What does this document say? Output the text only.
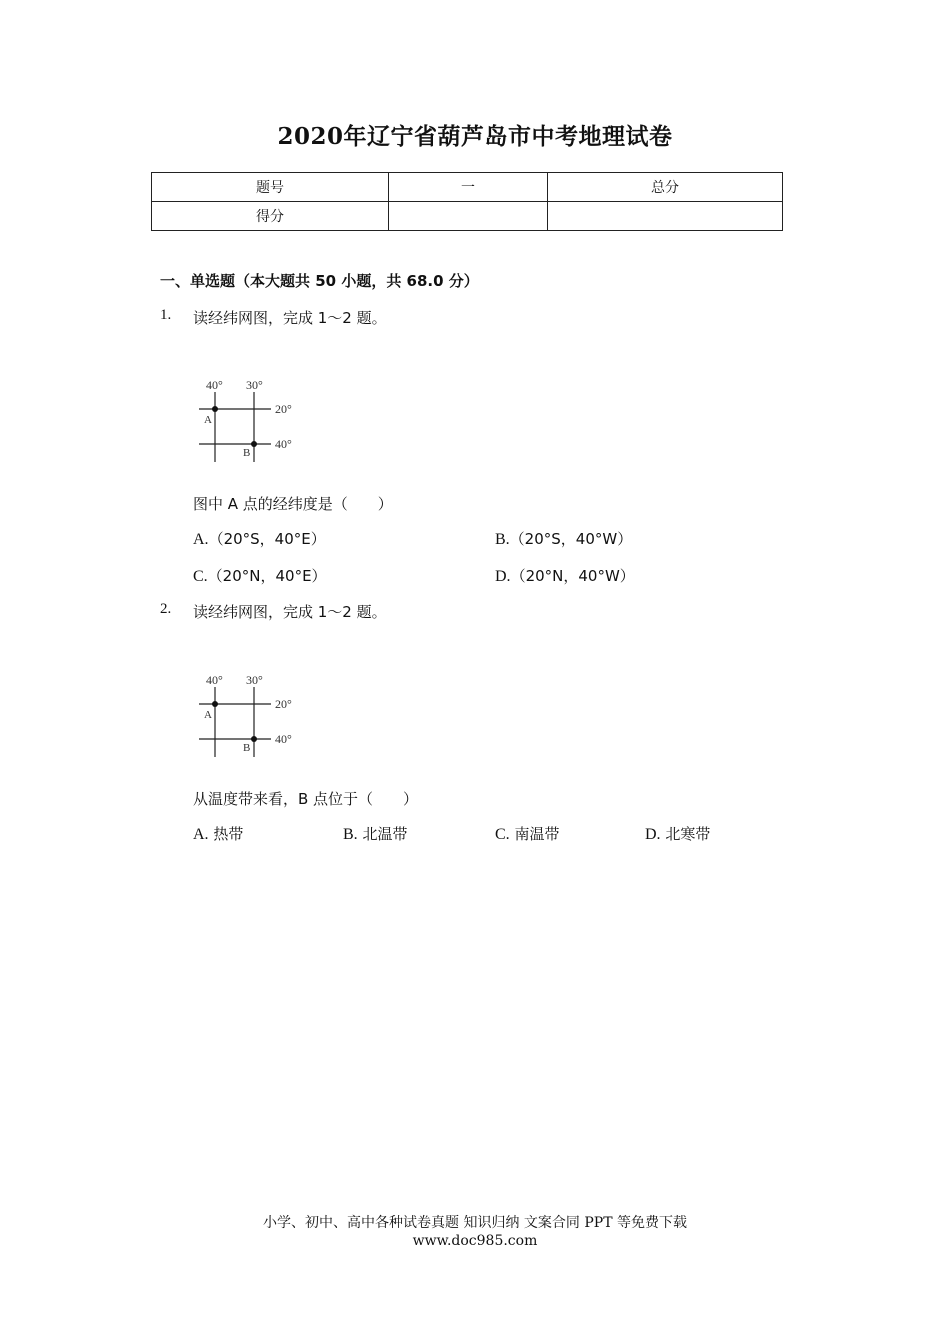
2020年辽宁省葫芦岛市中考地理试卷
题号	一	总分
得分		
一、单选题（本大题共 50 小题，共 68.0 分）
1. 读经纬网图，完成 1～2 题。
40° 30°
20°
40°
A
B
图中 A 点的经纬度是（　　）
A.（20°S，40°E）	B.（20°S，40°W）
C.（20°N，40°E）	D.（20°N，40°W）
2. 读经纬网图，完成 1～2 题。
40° 30°
20°
40°
A
B
从温度带来看，B 点位于（　　）
A. 热带	B. 北温带	C. 南温带	D. 北寒带
小学、初中、高中各种试卷真题 知识归纳 文案合同 PPT 等免费下载
www.doc985.com
